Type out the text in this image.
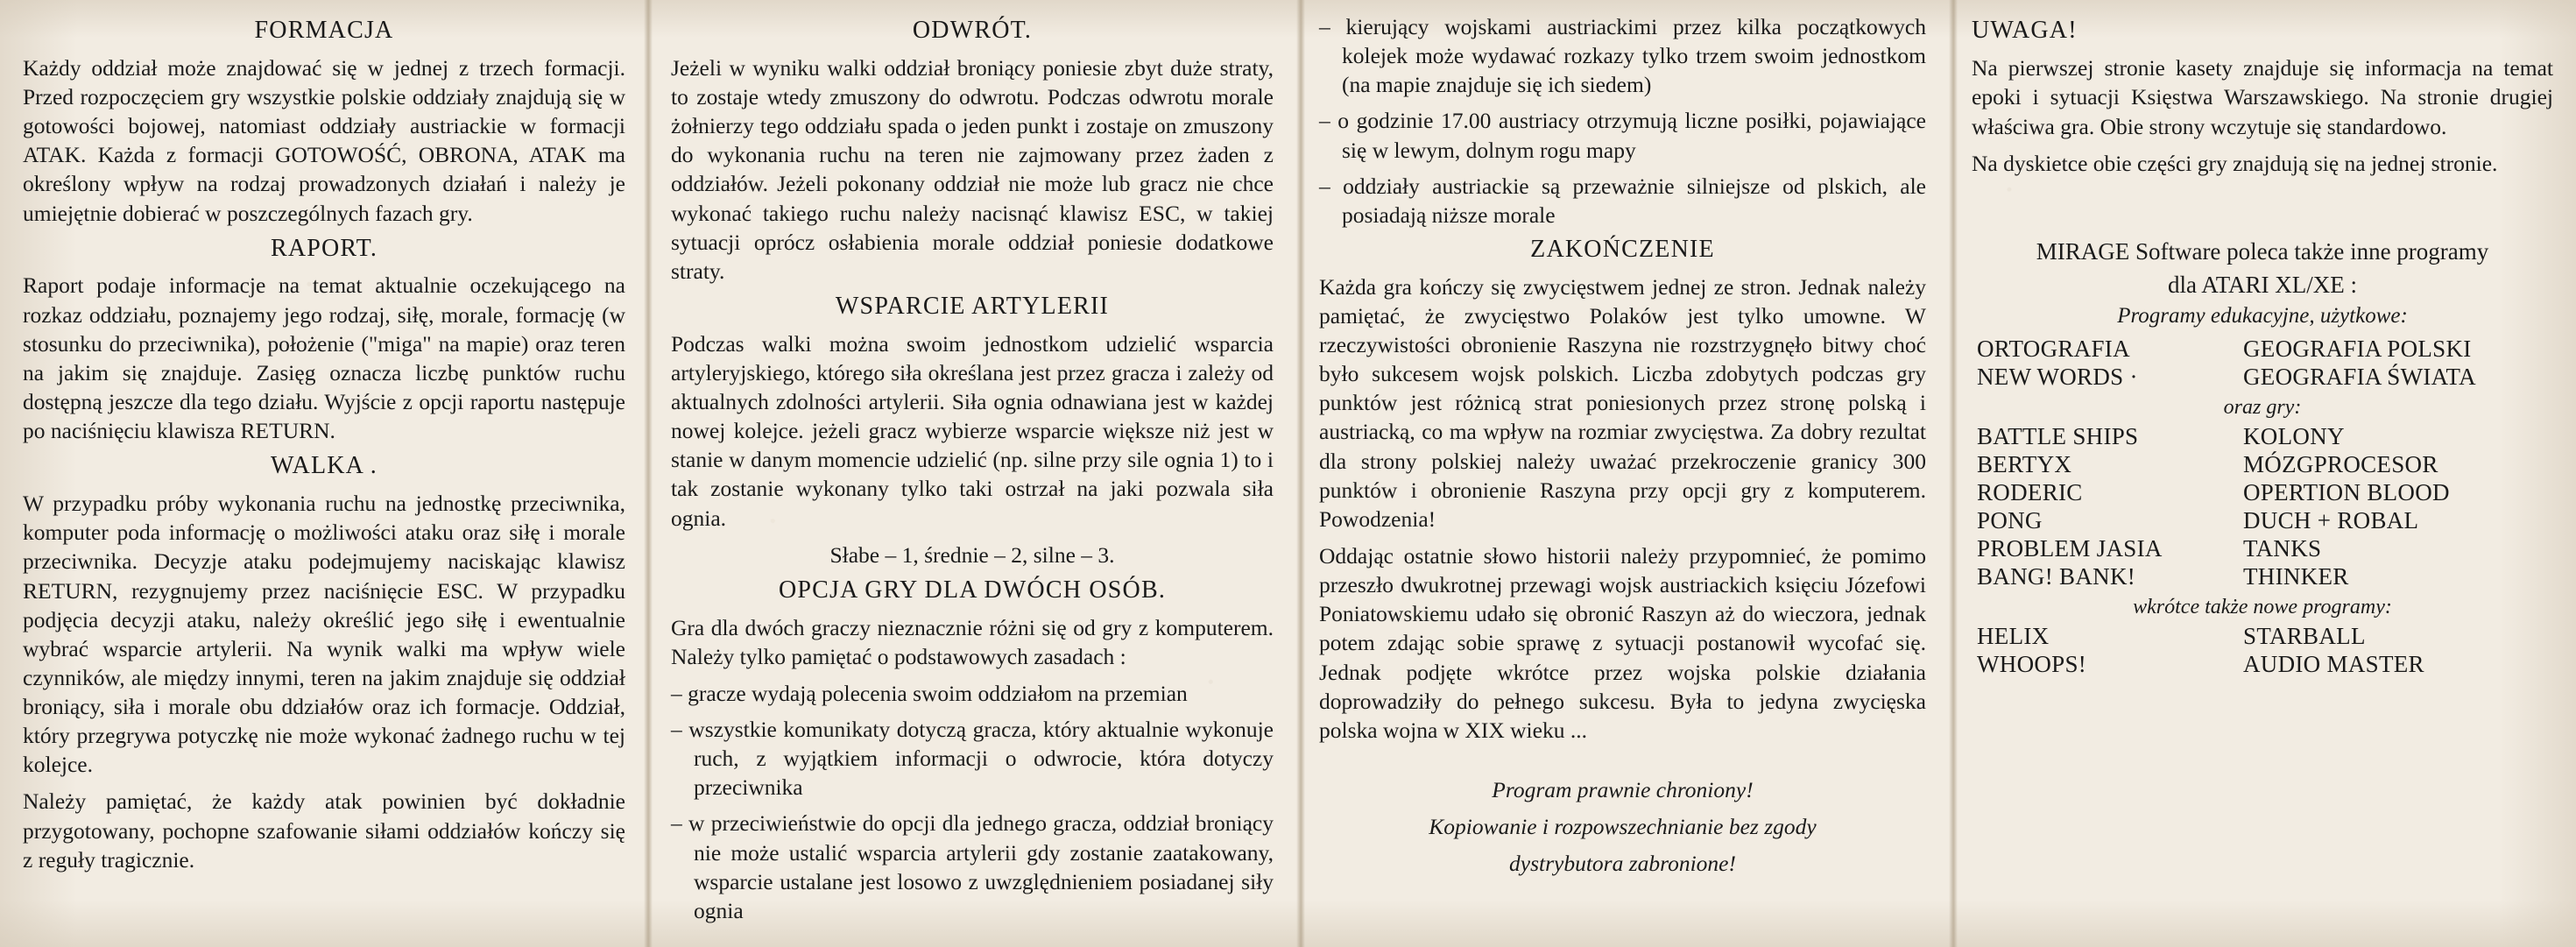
FORMACJA

Każdy oddział może znajdować się w jednej z trzech formacji. Przed rozpoczęciem gry wszystkie polskie oddziały znajdują się w gotowości bojowej, natomiast oddziały austriackie w formacji ATAK. Każda z formacji GOTOWOŚĆ, OBRONA, ATAK ma określony wpływ na rodzaj prowadzonych działań i należy je umiejętnie dobierać w poszczególnych fazach gry.

RAPORT.

Raport podaje informacje na temat aktualnie oczekującego na rozkaz oddziału, poznajemy jego rodzaj, siłę, morale, formację (w stosunku do przeciwnika), położenie ("miga" na mapie) oraz teren na jakim się znajduje. Zasięg oznacza liczbę punktów ruchu dostępną jeszcze dla tego działu. Wyjście z opcji raportu następuje po naciśnięciu klawisza RETURN.

WALKA .

W przypadku próby wykonania ruchu na jednostkę przeciwnika, komputer poda informację o możliwości ataku oraz siłę i morale przeciwnika. Decyzje ataku podejmujemy naciskając klawisz RETURN, rezygnujemy przez naciśnięcie ESC. W przypadku podjęcia decyzji ataku, należy określić jego siłę i ewentualnie wybrać wsparcie artylerii. Na wynik walki ma wpływ wiele czynników, ale między innymi, teren na jakim znajduje się oddział broniący, siła i morale obu ddziałów oraz ich formacje. Oddział, który przegrywa potyczkę nie może wykonać żadnego ruchu w tej kolejce.

Należy pamiętać, że każdy atak powinien być dokładnie przygotowany, pochopne szafowanie siłami oddziałów kończy się z reguły tragicznie.

ODWRÓT.

Jeżeli w wyniku walki oddział broniący poniesie zbyt duże straty, to zostaje wtedy zmuszony do odwrotu. Podczas odwrotu morale żołnierzy tego oddziału spada o jeden punkt i zostaje on zmuszony do wykonania ruchu na teren nie zajmowany przez żaden z oddziałów. Jeżeli pokonany oddział nie może lub gracz nie chce wykonać takiego ruchu należy nacisnąć klawisz ESC, w takiej sytuacji oprócz osłabienia morale oddział poniesie dodatkowe straty.

WSPARCIE ARTYLERII

Podczas walki można swoim jednostkom udzielić wsparcia artyleryjskiego, którego siła określana jest przez gracza i zależy od aktualnych zdolności artylerii. Siła ognia odnawiana jest w każdej nowej kolejce. jeżeli gracz wybierze wsparcie większe niż jest w stanie w danym momencie udzielić (np. silne przy sile ognia 1) to i tak zostanie wykonany tylko taki ostrzał na jaki pozwala siła ognia.

Słabe – 1, średnie – 2, silne – 3.

OPCJA GRY DLA DWÓCH OSÓB.

Gra dla dwóch graczy nieznacznie różni się od gry z komputerem. Należy tylko pamiętać o podstawowych zasadach :

– gracze wydają polecenia swoim oddziałom na przemian

– wszystkie komunikaty dotyczą gracza, który aktualnie wykonuje ruch, z wyjątkiem informacji o odwrocie, która dotyczy przeciwnika

– w przeciwieństwie do opcji dla jednego gracza, oddział broniący nie może ustalić wsparcia artylerii gdy zostanie zaatakowany, wsparcie ustalane jest losowo z uwzględnieniem posiadanej siły ognia

– kierujący wojskami austriackimi przez kilka początkowych kolejek może wydawać rozkazy tylko trzem swoim jednostkom (na mapie znajduje się ich siedem)

– o godzinie 17.00 austriacy otrzymują liczne posiłki, pojawiające się w lewym, dolnym rogu mapy

– oddziały austriackie są przeważnie silniejsze od plskich, ale posiadają niższe morale

ZAKOŃCZENIE

Każda gra kończy się zwycięstwem jednej ze stron. Jednak należy pamiętać, że zwycięstwo Polaków jest tylko umowne. W rzeczywistości obronienie Raszyna nie rozstrzygnęło bitwy choć było sukcesem wojsk polskich. Liczba zdobytych podczas gry punktów jest różnicą strat poniesionych przez stronę polską i austriacką, co ma wpływ na rozmiar zwycięstwa. Za dobry rezultat dla strony polskiej należy uważać przekroczenie granicy 300 punktów i obronienie Raszyna przy opcji gry z komputerem. Powodzenia!

Oddając ostatnie słowo historii należy przypomnieć, że pomimo przeszło dwukrotnej przewagi wojsk austriackich księciu Józefowi Poniatowskiemu udało się obronić Raszyn aż do wieczora, jednak potem zdając sobie sprawę z sytuacji postanowił wycofać się. Jednak podjęte wkrótce przez wojska polskie działania doprowadziły do pełnego sukcesu. Była to jedyna zwycięska polska wojna w XIX wieku ...

Program prawnie chroniony!

Kopiowanie i rozpowszechnianie bez zgody

dystrybutora zabronione!

UWAGA!

Na pierwszej stronie kasety znajduje się informacja na temat epoki i sytuacji Księstwa Warszawskiego. Na stronie drugiej właściwa gra. Obie strony wczytuje się standardowo.

Na dyskietce obie części gry znajdują się na jednej stronie.

MIRAGE Software poleca także inne programy

dla ATARI XL/XE :

Programy edukacyjne, użytkowe:

ORTOGRAFIA	GEOGRAFIA POLSKI
NEW WORDS ·	GEOGRAFIA ŚWIATA

oraz gry:

BATTLE SHIPS	KOLONY
BERTYX	MÓZGPROCESOR
RODERIC	OPERTION BLOOD
PONG	DUCH + ROBAL
PROBLEM JASIA	TANKS
BANG! BANK!	THINKER

wkrótce także nowe programy:

HELIX	STARBALL
WHOOPS!	AUDIO MASTER
